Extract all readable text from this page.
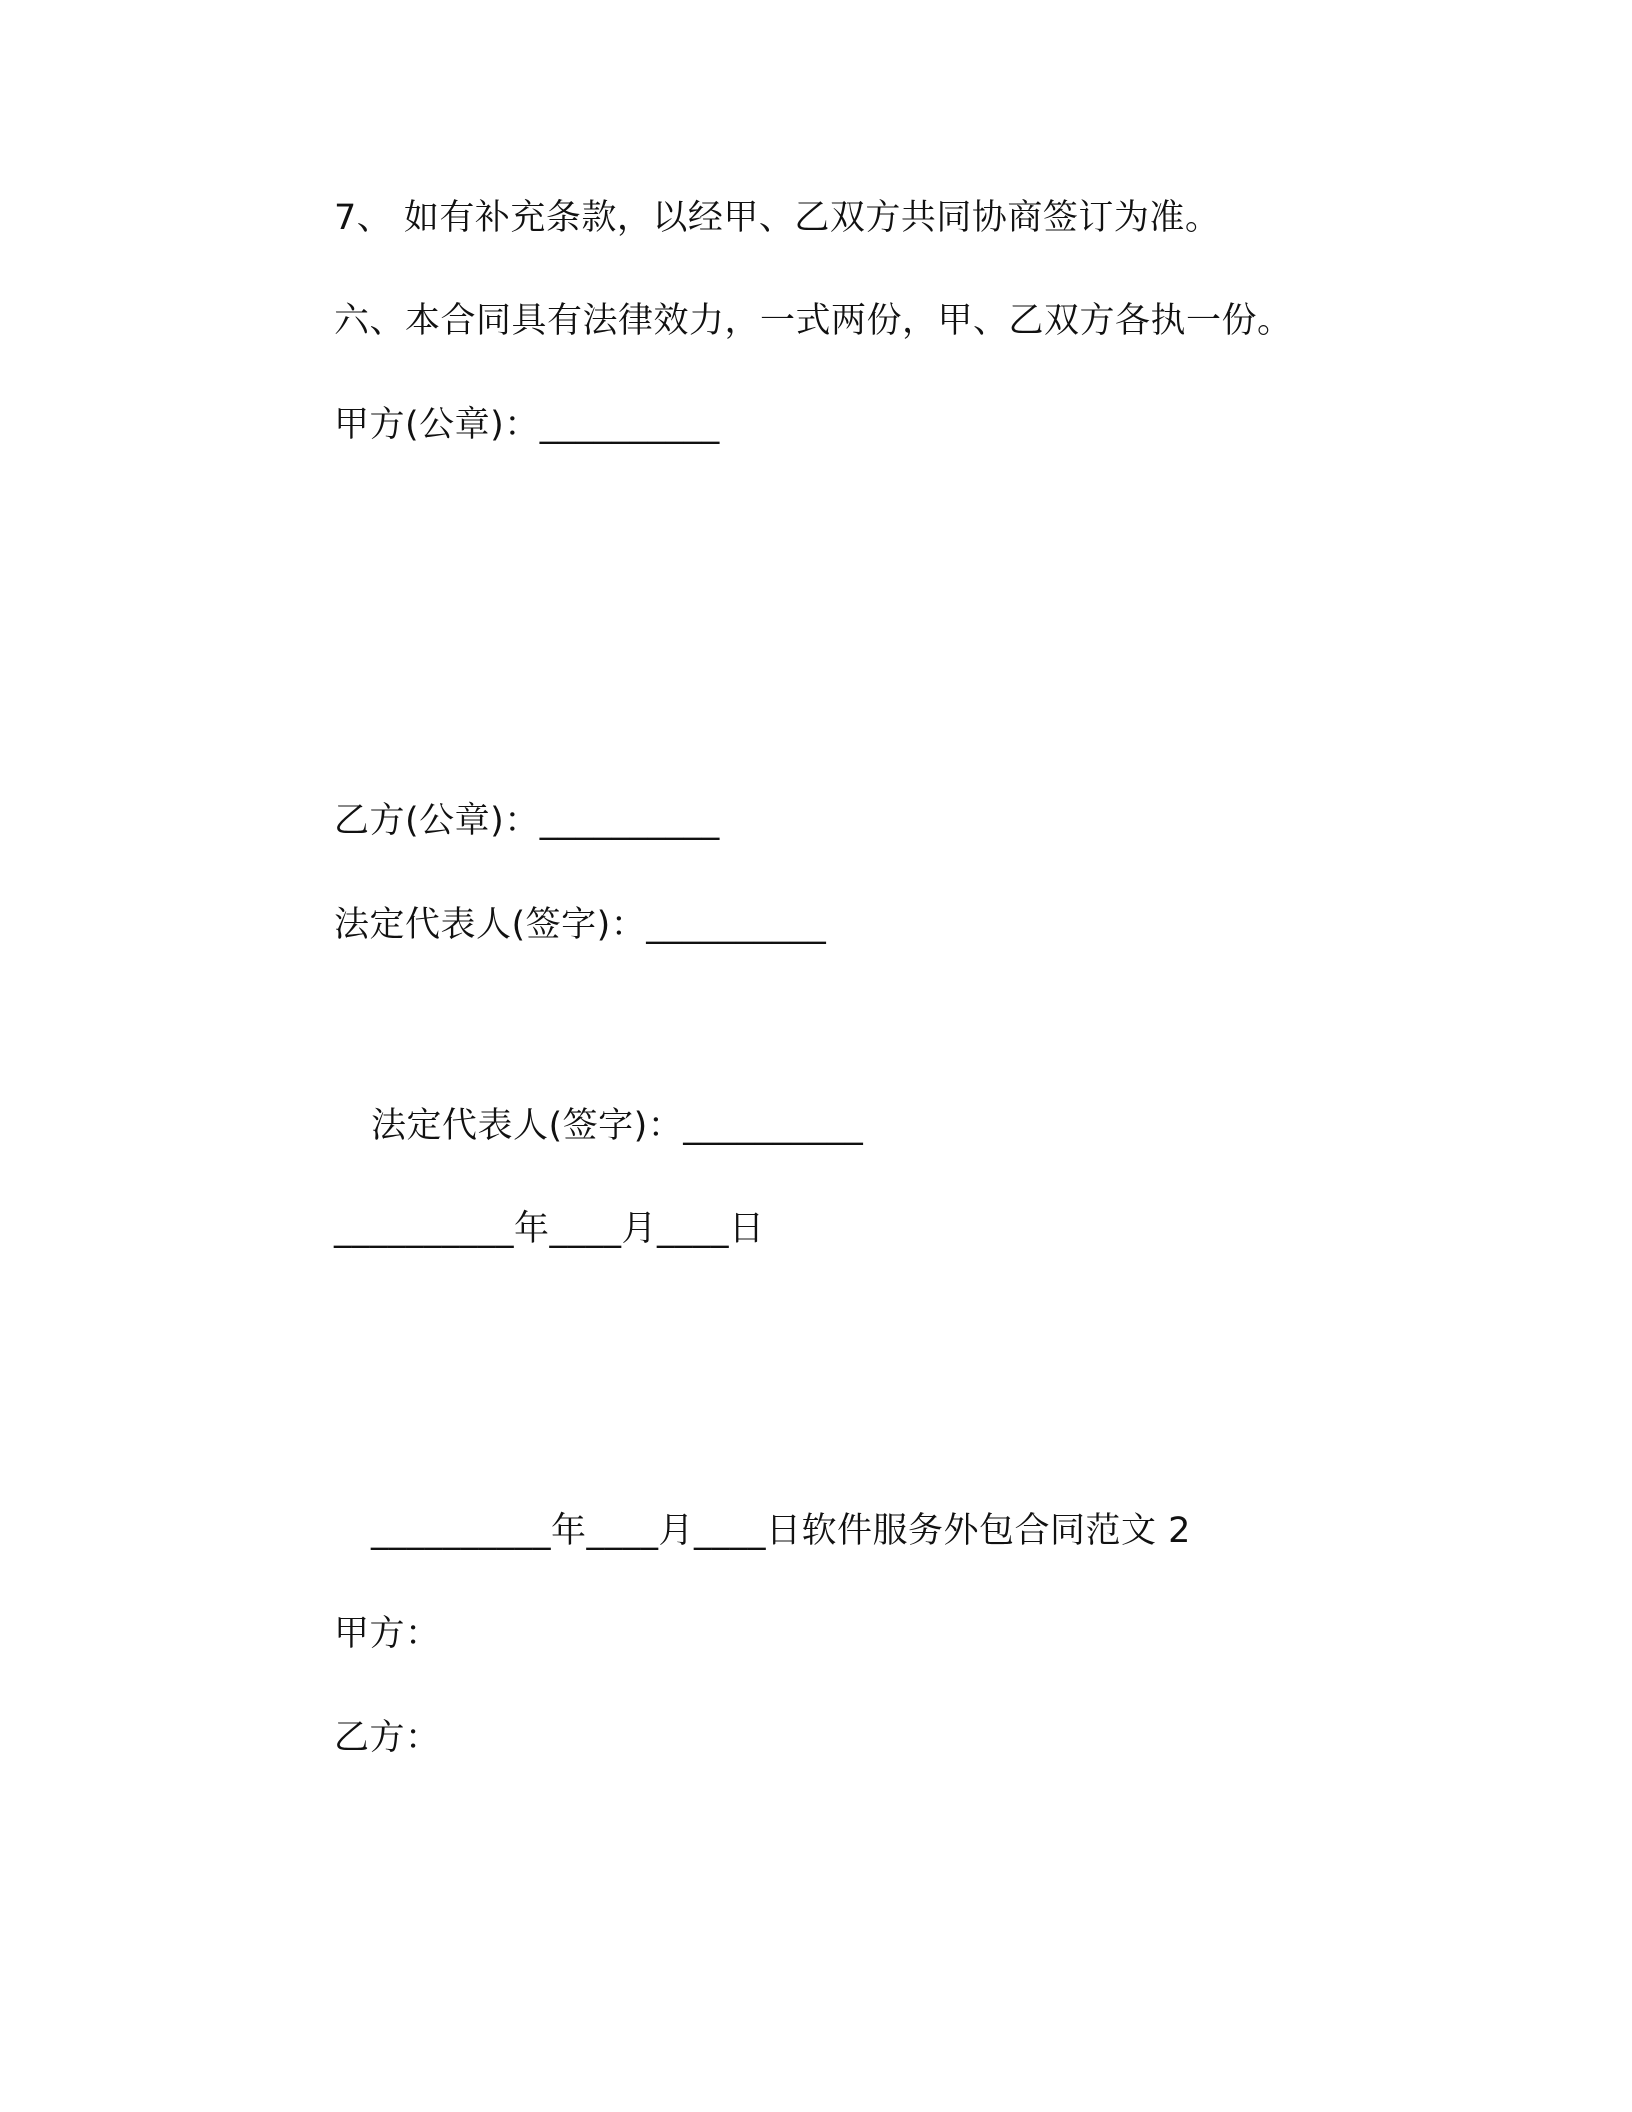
7、 如有补充条款，以经甲、乙双方共同协商签订为准。
六、本合同具有法律效力，一式两份，甲、乙双方各执一份。
甲方(公章)：__________
乙方(公章)：__________
法定代表人(签字)：__________
法定代表人(签字)：__________
__________年____月____日
__________年____月____日软件服务外包合同范文 2
甲方：
乙方：
